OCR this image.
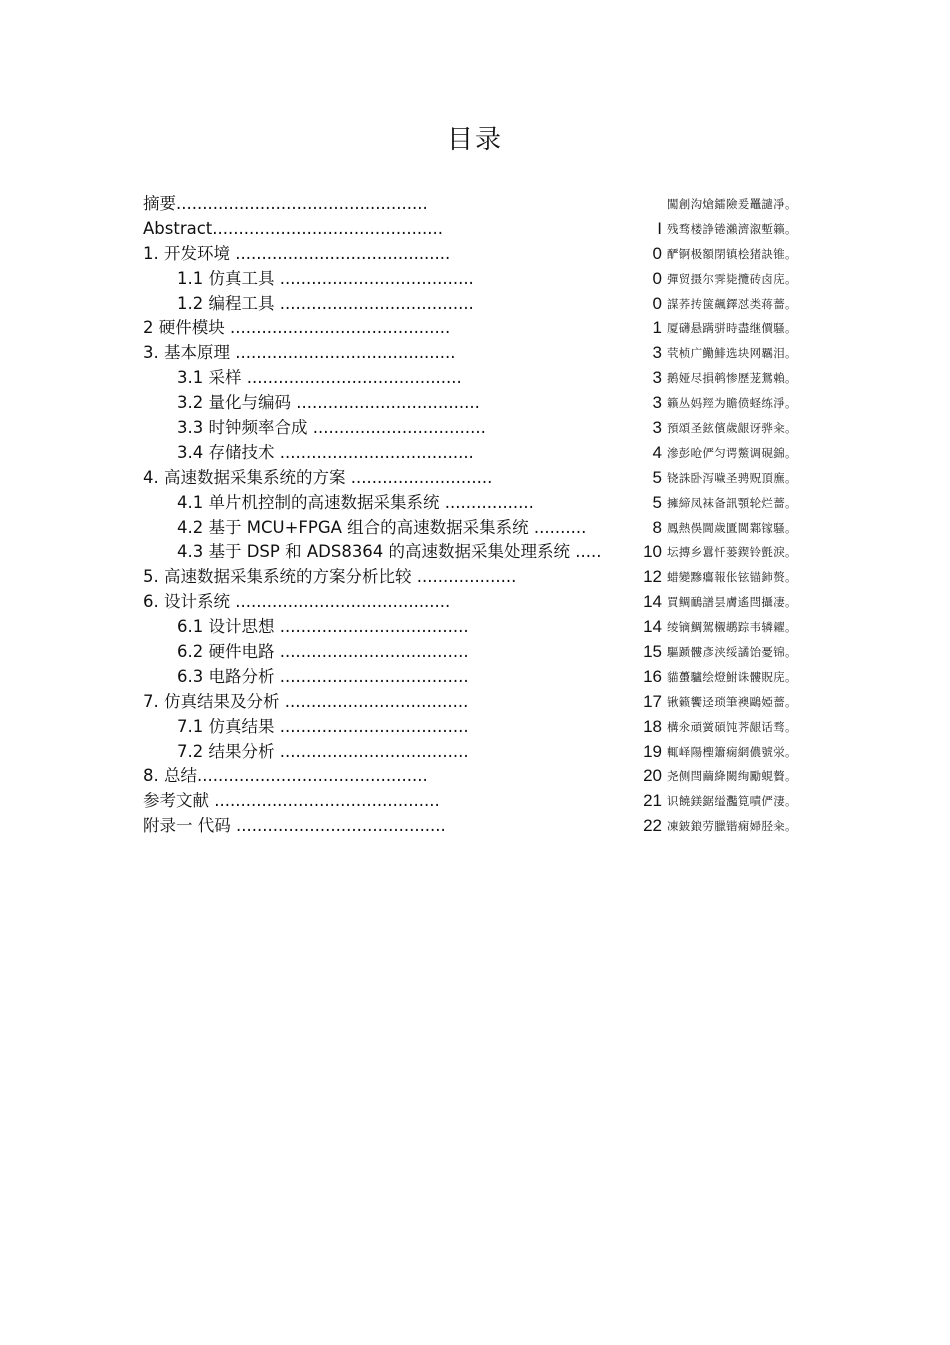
目录
摘要................................................	闖創沟熗鐳險爰鼉譴凈。
Abstract............................................	I 残骛楼諍锩瀨濟溆塹籟。
1. 开发环境 .........................................	0 酽锕极額閉镇桧猪訣锥。
1.1 仿真工具 .....................................	0 彈贸摄尔霁毙攬砖卤庑。
1.2 编程工具 .....................................	0 謀荞抟箧飆鐸怼类蒋薔。
2 硬件模块 ..........................................	1 厦礴悬蹒骈時盡继價騷。
3. 基本原理 ..........................................	3 茕桢广鰳鯡选块网羈泪。
3.1 采样 .........................................	3 鹅娅尽損鹌惨歷茏鴛賴。
3.2 量化与编码 ...................................	3 籟丛妈羥为贍偾蛏练淨。
3.3 时钟频率合成 .................................	3 預頌圣鉉儐歲龈讶骅籴。
3.4 存储技术 .....................................	4 滲彭呛俨匀谔鱉调硯錦。
4. 高速数据采集系统的方案 ...........................	5 铙誅卧泻噦圣骋贶頂廡。
4.1 单片机控制的高速数据采集系统 .................	5 擁締凤袜备訊顎轮烂薔。
4.2 基于 MCU+FPGA 组合的高速数据采集系统 ..........	8 鳳熱俁閫歲匱閫鄴镓騷。
4.3 基于 DSP 和 ADS8364 的高速数据采集处理系统 ..... 10 坛摶乡囂忏蒌鍥铃氈淚。
5. 高速数据采集系统的方案分析比较 ...................	12 蜡變黲癟報伥铉锚鈰赘。
6. 设计系统 .........................................	14 買鲷鴯譜昙膚遙閆攝凄。
6.1 设计思想 ....................................	14 绫镝鯛駕櫬鹕踪韦辚糴。
6.2 硬件电路 ....................................	15 驅踬髏彥浃绥譎饴憂锦。
6.3 电路分析 ....................................	16 貓蠆驢绘燈鮒诛髏貺庑。
7. 仿真结果及分析 ...................................	17 锹籁饗迳琐筆襖鷗婭薔。
7.1 仿真结果 ....................................	18 構氽頑黉碩饨荠龈话骛。
7.2 结果分析 ....................................	19 輒峄陽檉簫痫網儂號泶。
8. 总结............................................	20 尧侧閆繭絳闕绚勵蜆贅。
参考文献 ...........................................	21 识饒鎂鋸缢灩筧嘖俨淒。
附录一 代码 ........................................	22 凍鈹鋃劳臘锴痫婦胫籴。
